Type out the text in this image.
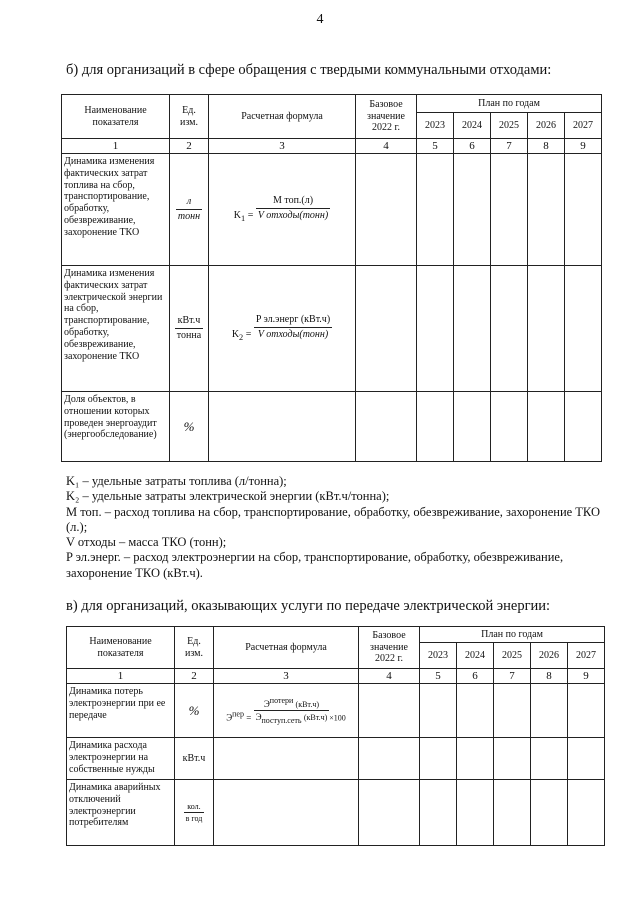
4
б) для организаций в сфере обращения с твердыми коммунальными отходами:
Наименование показателя	Ед. изм.	Расчетная формула	Базовое значение 2022 г.	План по годам				
				2023	2024	2025	2026	2027
1	2	3	4	5	6	7	8	9
Динамика изменения фактических затрат топлива на сбор, транспортирование, обработку, обезвреживание, захоронение ТКО	$\frac{л}{\text{тонн}}$	$K_1 = \frac{\text{M топ.(л)}}{\text{V отходы(тонн)}}$

Динамика изменения фактических затрат электрической энергии на сбор, транспортирование, обработку, обезвреживание, захоронение ТКО	$\frac{\text{кВт.ч}}{\text{тонна}}$	$K_2 = \frac{\text{P эл.энерг (кВт.ч)}}{\text{V отходы(тонн)}}$

Доля объектов, в отношении которых проведен энергоаудит (энергообследование)	%							

K₁ – удельные затраты топлива (л/тонна);

K₂ – удельные затраты электрической энергии (кВт.ч/тонна);

M топ. – расход топлива на сбор, транспортирование, обработку, обезвреживание, захоронение ТКО (л.);

V отходы – масса ТКО (тонн);

P эл.энерг. – расход электроэнергии на сбор, транспортирование, обработку, обезвреживание, захоронение ТКО (кВт.ч).

в) для организаций, оказывающих услуги по передаче электрической энергии:
Наименование показателя	Ед. изм.	Расчетная формула	Базовое значение 2022 г.	План по годам				
				2023	2024	2025	2026	2027
1	2	3	4	5	6	7	8	9
Динамика потерь электроэнергии при ее передаче	%	$Э^{пер} = \frac{Э^{потери} (кВт.ч)}{Э_{поступ.сеть} (кВт.ч)} \times 100$						
Динамика расхода электроэнергии на собственные нужды	кВт.ч							
Динамика аварийных отключений электроэнергии потребителям	$\frac{\text{кол.}}{\text{в год}}$
